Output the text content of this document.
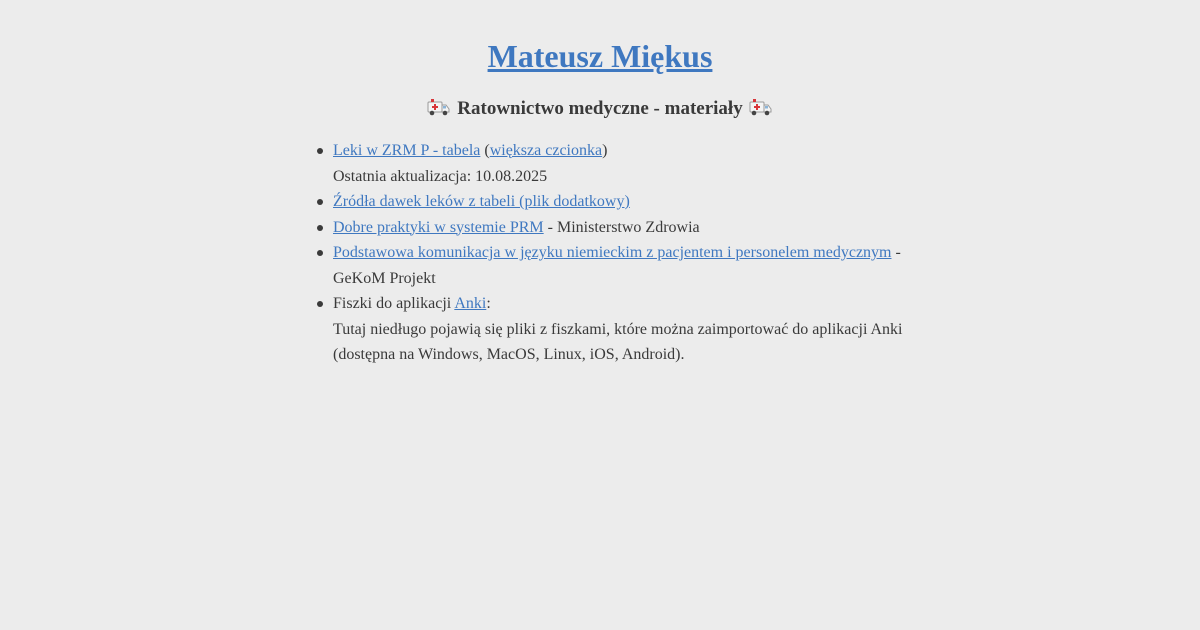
Mateusz Miękus
Ratownictwo medyczne - materiały
Leki w ZRM P - tabela (większa czcionka)
Ostatnia aktualizacja: 10.08.2025
Źródła dawek leków z tabeli (plik dodatkowy)
Dobre praktyki w systemie PRM - Ministerstwo Zdrowia
Podstawowa komunikacja w języku niemieckim z pacjentem i personelem medycznym - GeKoM Projekt
Fiszki do aplikacji Anki:
Tutaj niedługo pojawią się pliki z fiszkami, które można zaimportować do aplikacji Anki (dostępna na Windows, MacOS, Linux, iOS, Android).
